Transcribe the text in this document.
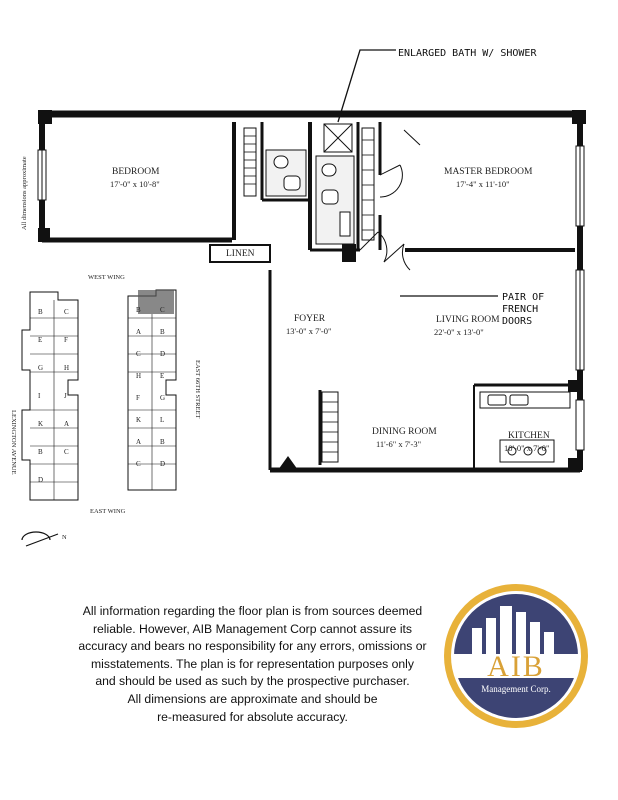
ENLARGED BATH W/ SHOWER
All dimensions approximate
PAIR OF
FRENCH
DOORS
BEDROOM
17'-0" x 10'-8"
MASTER BEDROOM
17'-4" x 11'-10"
LINEN
FOYER
13'-0" x 7'-0"
LIVING ROOM
22'-0" x 13'-0"
DINING ROOM
11'-6" x 7'-3"
KITCHEN
10'-0" x 7'-0"
WEST WING
EAST WING
LEXINGTON AVENUE
EAST 66TH STREET
B	C
E	F
G	H
I	J
K	A
B	C
D
B	C
A	B
C	D
H	E
F	G
K	L
A	B
C	D
N
All information regarding the floor plan is from sources deemed
reliable. However, AIB Management Corp cannot assure its
accuracy and bears no responsibility for any errors, omissions or
misstatements. The plan is for representation purposes only
and should be used as such by the prospective purchaser.
All dimensions are approximate and should be
re-measured for absolute accuracy.
AIB
Management Corp.
